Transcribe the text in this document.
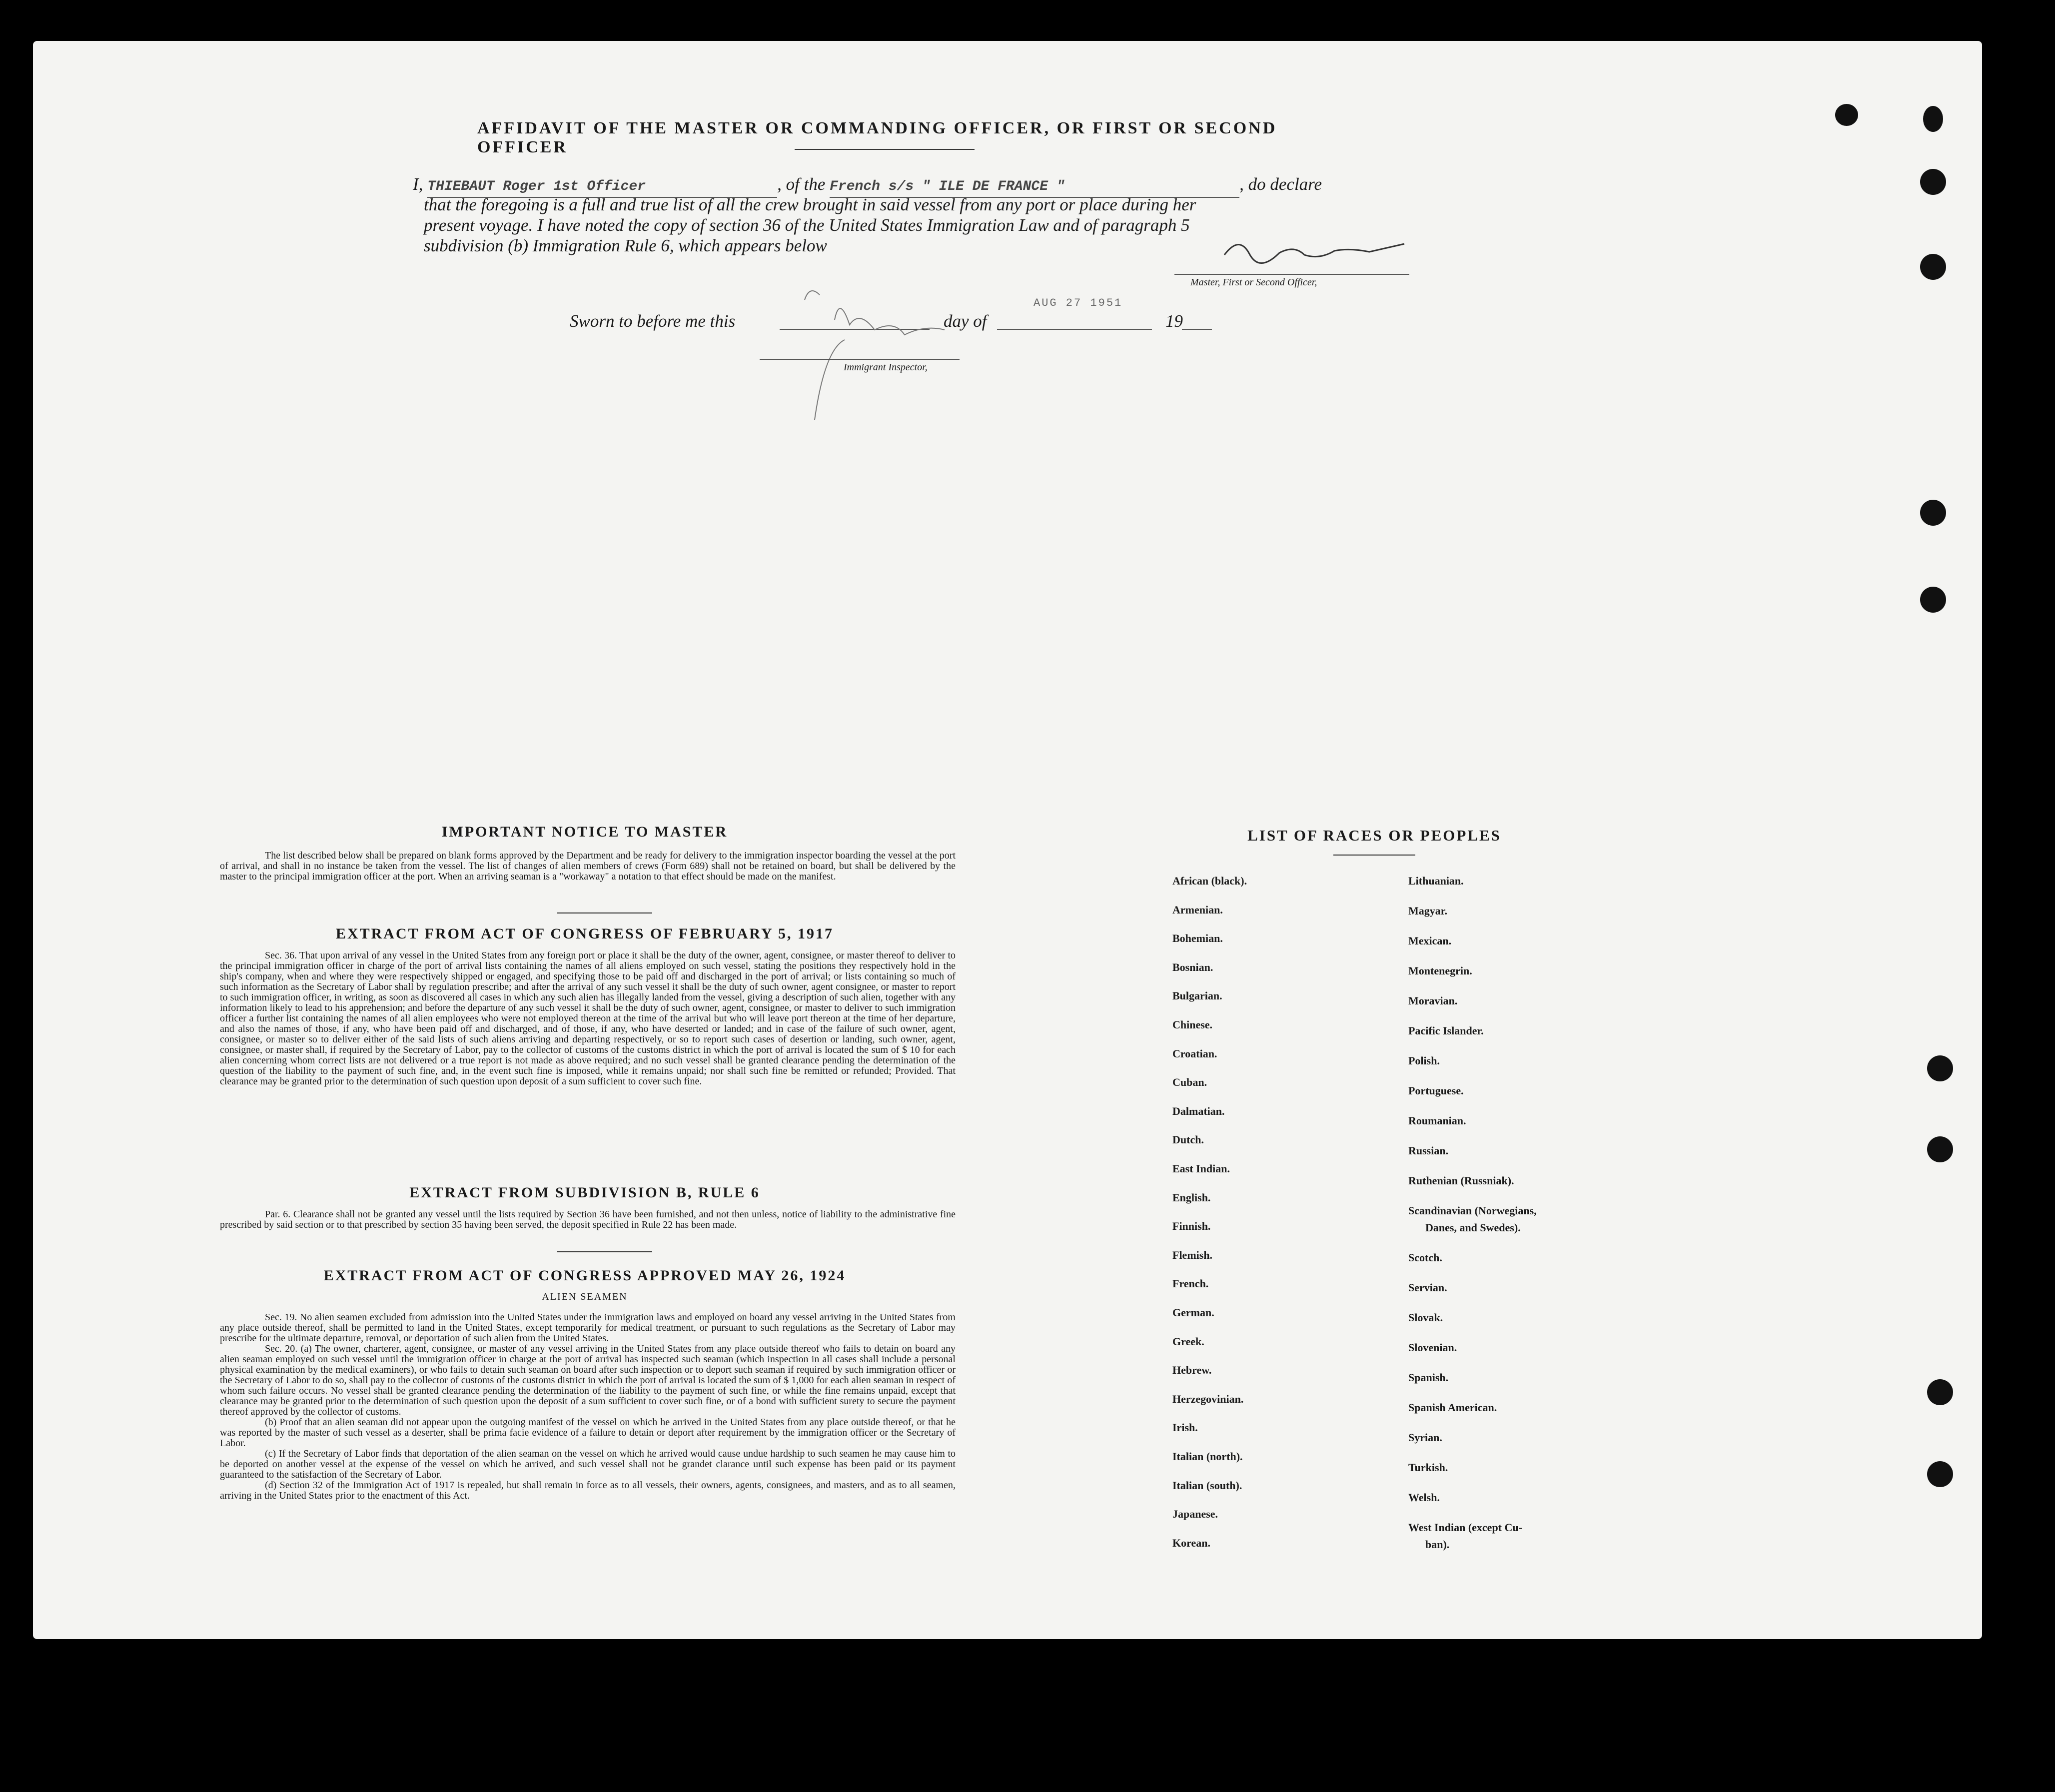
AFFIDAVIT OF THE MASTER OR COMMANDING OFFICER, OR FIRST OR SECOND OFFICER
I, THIEBAUT Roger 1st Officer	, of the French s/s " ILE DE FRANCE "	, do declare
that the foregoing is a full and true list of all the crew brought in said vessel from any port or place during her
present voyage. I have noted the copy of section 36 of the United States Immigration Law and of paragraph 5
subdivision (b) Immigration Rule 6, which appears below
Master, First or Second Officer,
Sworn to before me this	day of
AUG 27 1951
19
Immigrant Inspector,
IMPORTANT NOTICE TO MASTER
The list described below shall be prepared on blank forms approved by the Department and be ready for delivery to the immigration inspector boarding the vessel at the port of arrival, and shall in no instance be taken from the vessel. The list of changes of alien members of crews (Form 689) shall not be retained on board, but shall be delivered by the master to the principal immigration officer at the port. When an arriving seaman is a "workaway" a notation to that effect should be made on the manifest.
EXTRACT FROM ACT OF CONGRESS OF FEBRUARY 5, 1917
Sec. 36. That upon arrival of any vessel in the United States from any foreign port or place it shall be the duty of the owner, agent, consignee, or master thereof to deliver to the principal immigration officer in charge of the port of arrival lists containing the names of all aliens employed on such vessel, stating the positions they respectively hold in the ship's company, when and where they were respectively shipped or engaged, and specifying those to be paid off and discharged in the port of arrival; or lists containing so much of such information as the Secretary of Labor shall by regulation prescribe; and after the arrival of any such vessel it shall be the duty of such owner, agent consignee, or master to report to such immigration officer, in writing, as soon as discovered all cases in which any such alien has illegally landed from the vessel, giving a description of such alien, together with any information likely to lead to his apprehension; and before the departure of any such vessel it shall be the duty of such owner, agent, consignee, or master to deliver to such immigration officer a further list containing the names of all alien employees who were not employed thereon at the time of the arrival but who will leave port thereon at the time of her departure, and also the names of those, if any, who have been paid off and discharged, and of those, if any, who have deserted or landed; and in case of the failure of such owner, agent, consignee, or master so to deliver either of the said lists of such aliens arriving and departing respectively, or so to report such cases of desertion or landing, such owner, agent, consignee, or master shall, if required by the Secretary of Labor, pay to the collector of customs of the customs district in which the port of arrival is located the sum of $ 10 for each alien concerning whom correct lists are not delivered or a true report is not made as above required; and no such vessel shall be granted clearance pending the determination of the question of the liability to the payment of such fine, and, in the event such fine is imposed, while it remains unpaid; nor shall such fine be remitted or refunded; Provided. That clearance may be granted prior to the determination of such question upon deposit of a sum sufficient to cover such fine.
EXTRACT FROM SUBDIVISION B, RULE 6
Par. 6. Clearance shall not be granted any vessel until the lists required by Section 36 have been furnished, and not then unless, notice of liability to the administrative fine prescribed by said section or to that prescribed by section 35 having been served, the deposit specified in Rule 22 has been made.
EXTRACT FROM ACT OF CONGRESS APPROVED MAY 26, 1924
ALIEN SEAMEN
Sec. 19. No alien seamen excluded from admission into the United States under the immigration laws and employed on board any vessel arriving in the United States from any place outside thereof, shall be permitted to land in the United States, except temporarily for medical treatment, or pursuant to such regulations as the Secretary of Labor may prescribe for the ultimate departure, removal, or deportation of such alien from the United States.
Sec. 20. (a) The owner, charterer, agent, consignee, or master of any vessel arriving in the United States from any place outside thereof who fails to detain on board any alien seaman employed on such vessel until the immigration officer in charge at the port of arrival has inspected such seaman (which inspection in all cases shall include a personal physical examination by the medical examiners), or who fails to detain such seaman on board after such inspection or to deport such seaman if required by such immigration officer or the Secretary of Labor to do so, shall pay to the collector of customs of the customs district in which the port of arrival is located the sum of $ 1,000 for each alien seaman in respect of whom such failure occurs. No vessel shall be granted clearance pending the determination of the liability to the payment of such fine, or while the fine remains unpaid, except that clearance may be granted prior to the determination of such question upon the deposit of a sum sufficient to cover such fine, or of a bond with sufficient surety to secure the payment thereof approved by the collector of customs.
(b) Proof that an alien seaman did not appear upon the outgoing manifest of the vessel on which he arrived in the United States from any place outside thereof, or that he was reported by the master of such vessel as a deserter, shall be prima facie evidence of a failure to detain or deport after requirement by the immigration officer or the Secretary of Labor.
(c) If the Secretary of Labor finds that deportation of the alien seaman on the vessel on which he arrived would cause undue hardship to such seamen he may cause him to be deported on another vessel at the expense of the vessel on which he arrived, and such vessel shall not be grandet clarance until such expense has been paid or its payment guaranteed to the satisfaction of the Secretary of Labor.
(d) Section 32 of the Immigration Act of 1917 is repealed, but shall remain in force as to all vessels, their owners, agents, consignees, and masters, and as to all seamen, arriving in the United States prior to the enactment of this Act.
LIST OF RACES OR PEOPLES
African (black).
Armenian.
Bohemian.
Bosnian.
Bulgarian.
Chinese.
Croatian.
Cuban.
Dalmatian.
Dutch.
East Indian.
English.
Finnish.
Flemish.
French.
German.
Greek.
Hebrew.
Herzegovinian.
Irish.
Italian (north).
Italian (south).
Japanese.
Korean.
Lithuanian.
Magyar.
Mexican.
Montenegrin.
Moravian.
Pacific Islander.
Polish.
Portuguese.
Roumanian.
Russian.
Ruthenian (Russniak).
Scandinavian (Norwegians,
Danes, and Swedes).
Scotch.
Servian.
Slovak.
Slovenian.
Spanish.
Spanish American.
Syrian.
Turkish.
Welsh.
West Indian (except Cu-
ban).
